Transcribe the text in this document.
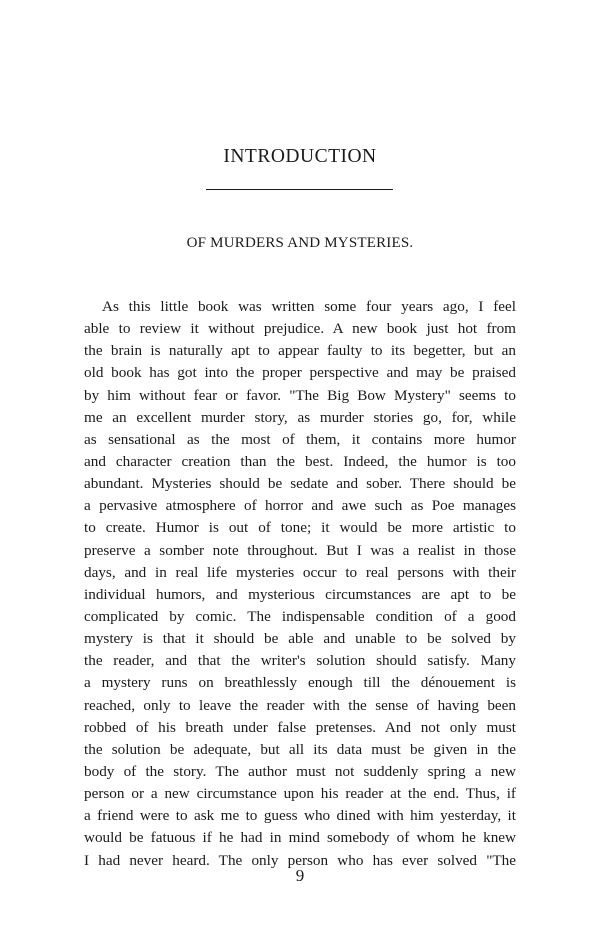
INTRODUCTION
OF MURDERS AND MYSTERIES.
As this little book was written some four years ago, I feel
able to review it without prejudice. A new book just hot from
the brain is naturally apt to appear faulty to its begetter, but an
old book has got into the proper perspective and may be praised
by him without fear or favor. "The Big Bow Mystery" seems to
me an excellent murder story, as murder stories go, for, while
as sensational as the most of them, it contains more humor
and character creation than the best. Indeed, the humor is too
abundant. Mysteries should be sedate and sober. There should be
a pervasive atmosphere of horror and awe such as Poe manages
to create. Humor is out of tone; it would be more artistic to
preserve a somber note throughout. But I was a realist in those
days, and in real life mysteries occur to real persons with their
individual humors, and mysterious circumstances are apt to be
complicated by comic. The indispensable condition of a good
mystery is that it should be able and unable to be solved by
the reader, and that the writer's solution should satisfy. Many
a mystery runs on breathlessly enough till the dénouement is
reached, only to leave the reader with the sense of having been
robbed of his breath under false pretenses. And not only must
the solution be adequate, but all its data must be given in the
body of the story. The author must not suddenly spring a new
person or a new circumstance upon his reader at the end. Thus, if
a friend were to ask me to guess who dined with him yesterday, it
would be fatuous if he had in mind somebody of whom he knew
I had never heard. The only person who has ever solved "The
9
